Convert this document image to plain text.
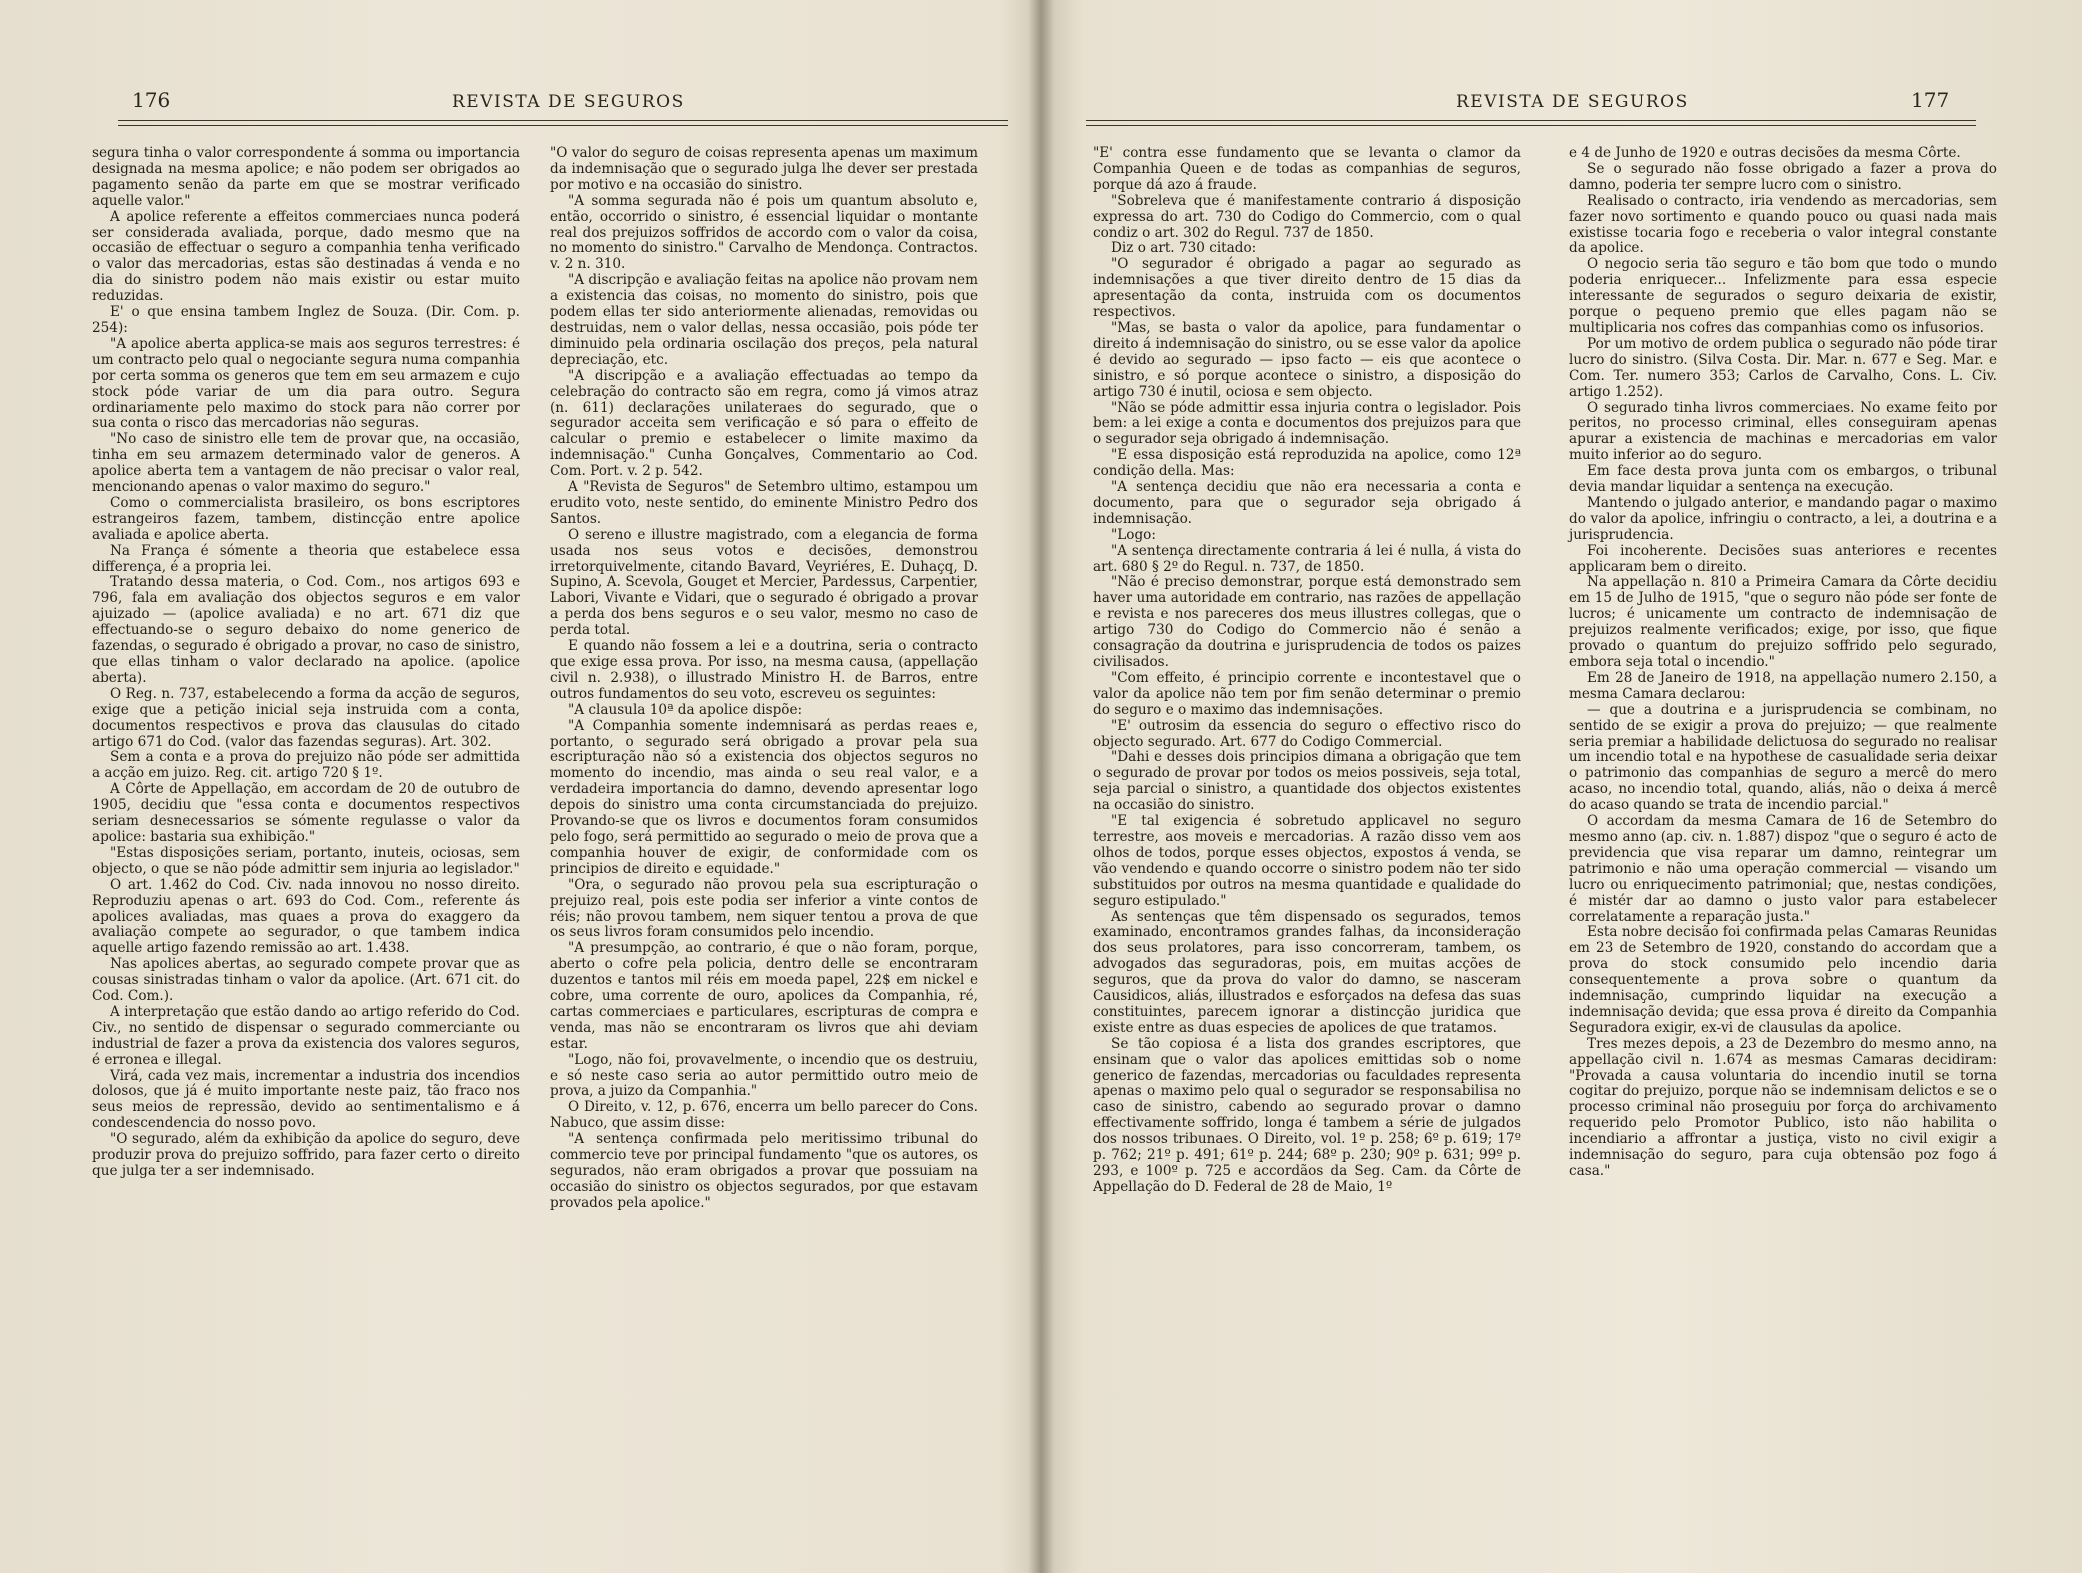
176	REVISTA DE SEGUROS

segura tinha o valor correspondente á somma ou importancia designada na mesma apolice; e não podem ser obrigados ao pagamento senão da parte em que se mostrar verificado aquelle valor."

A apolice referente a effeitos commerciaes nunca poderá ser considerada avaliada, porque, dado mesmo que na occasião de effectuar o seguro a companhia tenha verificado o valor das mercadorias, estas são destinadas á venda e no dia do sinistro podem não mais existir ou estar muito reduzidas.

E' o que ensina tambem Inglez de Souza. (Dir. Com. p. 254):

"A apolice aberta applica-se mais aos seguros terrestres: é um contracto pelo qual o negociante segura numa companhia por certa somma os generos que tem em seu armazem e cujo stock póde variar de um dia para outro. Segura ordinariamente pelo maximo do stock para não correr por sua conta o risco das mercadorias não seguras.

"No caso de sinistro elle tem de provar que, na occasião, tinha em seu armazem determinado valor de generos. A apolice aberta tem a vantagem de não precisar o valor real, mencionando apenas o valor maximo do seguro."

Como o commercialista brasileiro, os bons escriptores estrangeiros fazem, tambem, distincção entre apolice avaliada e apolice aberta.

Na França é sómente a theoria que estabelece essa differença, é a propria lei.

Tratando dessa materia, o Cod. Com., nos artigos 693 e 796, fala em avaliação dos objectos seguros e em valor ajuizado — (apolice avaliada) e no art. 671 diz que effectuando-se o seguro debaixo do nome generico de fazendas, o segurado é obrigado a provar, no caso de sinistro, que ellas tinham o valor declarado na apolice. (apolice aberta).

O Reg. n. 737, estabelecendo a forma da acção de seguros, exige que a petição inicial seja instruida com a conta, documentos respectivos e prova das clausulas do citado artigo 671 do Cod. (valor das fazendas seguras). Art. 302.

Sem a conta e a prova do prejuizo não póde ser admittida a acção em juizo. Reg. cit. artigo 720 § 1º.

A Côrte de Appellação, em accordam de 20 de outubro de 1905, decidiu que "essa conta e documentos respectivos seriam desnecessarios se sómente regulasse o valor da apolice: bastaria sua exhibição."

"Estas disposições seriam, portanto, inuteis, ociosas, sem objecto, o que se não póde admittir sem injuria ao legislador."

O art. 1.462 do Cod. Civ. nada innovou no nosso direito. Reproduziu apenas o art. 693 do Cod. Com., referente ás apolices avaliadas, mas quaes a prova do exaggero da avaliação compete ao segurador, o que tambem indica aquelle artigo fazendo remissão ao art. 1.438.

Nas apolices abertas, ao segurado compete provar que as cousas sinistradas tinham o valor da apolice. (Art. 671 cit. do Cod. Com.).

A interpretação que estão dando ao artigo referido do Cod. Civ., no sentido de dispensar o segurado commerciante ou industrial de fazer a prova da existencia dos valores seguros, é erronea e illegal.

Virá, cada vez mais, incrementar a industria dos incendios dolosos, que já é muito importante neste paiz, tão fraco nos seus meios de repressão, devido ao sentimentalismo e á condescendencia do nosso povo.

"O segurado, além da exhibição da apolice do seguro, deve produzir prova do prejuizo soffrido, para fazer certo o direito que julga ter a ser indemnisado.

"O valor do seguro de coisas representa apenas um maximum da indemnisação que o segurado julga lhe dever ser prestada por motivo e na occasião do sinistro.

"A somma segurada não é pois um quantum absoluto e, então, occorrido o sinistro, é essencial liquidar o montante real dos prejuizos soffridos de accordo com o valor da coisa, no momento do sinistro." Carvalho de Mendonça. Contractos. v. 2 n. 310.

"A discripção e avaliação feitas na apolice não provam nem a existencia das coisas, no momento do sinistro, pois que podem ellas ter sido anteriormente alienadas, removidas ou destruidas, nem o valor dellas, nessa occasião, pois póde ter diminuido pela ordinaria oscilação dos preços, pela natural depreciação, etc.

"A discripção e a avaliação effectuadas ao tempo da celebração do contracto são em regra, como já vimos atraz (n. 611) declarações unilateraes do segurado, que o segurador acceita sem verificação e só para o effeito de calcular o premio e estabelecer o limite maximo da indemnisação." Cunha Gonçalves, Commentario ao Cod. Com. Port. v. 2 p. 542.

A "Revista de Seguros" de Setembro ultimo, estampou um erudito voto, neste sentido, do eminente Ministro Pedro dos Santos.

O sereno e illustre magistrado, com a elegancia de forma usada nos seus votos e decisões, demonstrou irretorquivelmente, citando Bavard, Veyriéres, E. Duhaçq, D. Supino, A. Scevola, Gouget et Mercier, Pardessus, Carpentier, Labori, Vivante e Vidari, que o segurado é obrigado a provar a perda dos bens seguros e o seu valor, mesmo no caso de perda total.

E quando não fossem a lei e a doutrina, seria o contracto que exige essa prova. Por isso, na mesma causa, (appellação civil n. 2.938), o illustrado Ministro H. de Barros, entre outros fundamentos do seu voto, escreveu os seguintes:

"A clausula 10ª da apolice dispõe:

"A Companhia somente indemnisará as perdas reaes e, portanto, o segurado será obrigado a provar pela sua escripturação não só a existencia dos objectos seguros no momento do incendio, mas ainda o seu real valor, e a verdadeira importancia do damno, devendo apresentar logo depois do sinistro uma conta circumstanciada do prejuizo. Provando-se que os livros e documentos foram consumidos pelo fogo, será permittido ao segurado o meio de prova que a companhia houver de exigir, de conformidade com os principios de direito e equidade."

"Ora, o segurado não provou pela sua escripturação o prejuizo real, pois este podia ser inferior a vinte contos de réis; não provou tambem, nem siquer tentou a prova de que os seus livros foram consumidos pelo incendio.

"A presumpção, ao contrario, é que o não foram, porque, aberto o cofre pela policia, dentro delle se encontraram duzentos e tantos mil réis em moeda papel, 22$ em nickel e cobre, uma corrente de ouro, apolices da Companhia, ré, cartas commerciaes e particulares, escripturas de compra e venda, mas não se encontraram os livros que ahi deviam estar.

"Logo, não foi, provavelmente, o incendio que os destruiu, e só neste caso seria ao autor permittido outro meio de prova, a juizo da Companhia."

O Direito, v. 12, p. 676, encerra um bello parecer do Cons. Nabuco, que assim disse:

"A sentença confirmada pelo meritissimo tribunal do commercio teve por principal fundamento "que os autores, os segurados, não eram obrigados a provar que possuiam na occasião do sinistro os objectos segurados, por que estavam provados pela apolice."

177
REVISTA DE SEGUROS

"E' contra esse fundamento que se levanta o clamor da Companhia Queen e de todas as companhias de seguros, porque dá azo á fraude.

"Sobreleva que é manifestamente contrario á disposição expressa do art. 730 do Codigo do Commercio, com o qual condiz o art. 302 do Regul. 737 de 1850.

Diz o art. 730 citado:

"O segurador é obrigado a pagar ao segurado as indemnisações a que tiver direito dentro de 15 dias da apresentação da conta, instruida com os documentos respectivos.

"Mas, se basta o valor da apolice, para fundamentar o direito á indemnisação do sinistro, ou se esse valor da apolice é devido ao segurado — ipso facto — eis que acontece o sinistro, e só porque acontece o sinistro, a disposição do artigo 730 é inutil, ociosa e sem objecto.

"Não se póde admittir essa injuria contra o legislador. Pois bem: a lei exige a conta e documentos dos prejuizos para que o segurador seja obrigado á indemnisação.

"E essa disposição está reproduzida na apolice, como 12ª condição della. Mas:

"A sentença decidiu que não era necessaria a conta e documento, para que o segurador seja obrigado á indemnisação.

"Logo:

"A sentença directamente contraria á lei é nulla, á vista do art. 680 § 2º do Regul. n. 737, de 1850.

"Não é preciso demonstrar, porque está demonstrado sem haver uma autoridade em contrario, nas razões de appellação e revista e nos pareceres dos meus illustres collegas, que o artigo 730 do Codigo do Commercio não é senão a consagração da doutrina e jurisprudencia de todos os paizes civilisados.

"Com effeito, é principio corrente e incontestavel que o valor da apolice não tem por fim senão determinar o premio do seguro e o maximo das indemnisações.

"E' outrosim da essencia do seguro o effectivo risco do objecto segurado. Art. 677 do Codigo Commercial.

"Dahi e desses dois principios dimana a obrigação que tem o segurado de provar por todos os meios possiveis, seja total, seja parcial o sinistro, a quantidade dos objectos existentes na occasião do sinistro.

"E tal exigencia é sobretudo applicavel no seguro terrestre, aos moveis e mercadorias. A razão disso vem aos olhos de todos, porque esses objectos, expostos á venda, se vão vendendo e quando occorre o sinistro podem não ter sido substituidos por outros na mesma quantidade e qualidade do seguro estipulado."

As sentenças que têm dispensado os segurados, temos examinado, encontramos grandes falhas, da inconsideração dos seus prolatores, para isso concorreram, tambem, os advogados das seguradoras, pois, em muitas acções de seguros, que da prova do valor do damno, se nasceram Causidicos, aliás, illustrados e esforçados na defesa das suas constituintes, parecem ignorar a distincção juridica que existe entre as duas especies de apolices de que tratamos.

Se tão copiosa é a lista dos grandes escriptores, que ensinam que o valor das apolices emittidas sob o nome generico de fazendas, mercadorias ou faculdades representa apenas o maximo pelo qual o segurador se responsabilisa no caso de sinistro, cabendo ao segurado provar o damno effectivamente soffrido, longa é tambem a série de julgados dos nossos tribunaes. O Direito, vol. 1º p. 258; 6º p. 619; 17º p. 762; 21º p. 491; 61º p. 244; 68º p. 230; 90º p. 631; 99º p. 293, e 100º p. 725 e accordãos da Seg. Cam. da Côrte de Appellação do D. Federal de 28 de Maio, 1º

e 4 de Junho de 1920 e outras decisões da mesma Côrte.

Se o segurado não fosse obrigado a fazer a prova do damno, poderia ter sempre lucro com o sinistro.

Realisado o contracto, iria vendendo as mercadorias, sem fazer novo sortimento e quando pouco ou quasi nada mais existisse tocaria fogo e receberia o valor integral constante da apolice.

O negocio seria tão seguro e tão bom que todo o mundo poderia enriquecer... Infelizmente para essa especie interessante de segurados o seguro deixaria de existir, porque o pequeno premio que elles pagam não se multiplicaria nos cofres das companhias como os infusorios.

Por um motivo de ordem publica o segurado não póde tirar lucro do sinistro. (Silva Costa. Dir. Mar. n. 677 e Seg. Mar. e Com. Ter. numero 353; Carlos de Carvalho, Cons. L. Civ. artigo 1.252).

O segurado tinha livros commerciaes. No exame feito por peritos, no processo criminal, elles conseguiram apenas apurar a existencia de machinas e mercadorias em valor muito inferior ao do seguro.

Em face desta prova junta com os embargos, o tribunal devia mandar liquidar a sentença na execução.

Mantendo o julgado anterior, e mandando pagar o maximo do valor da apolice, infringiu o contracto, a lei, a doutrina e a jurisprudencia.

Foi incoherente. Decisões suas anteriores e recentes applicaram bem o direito.

Na appellação n. 810 a Primeira Camara da Côrte decidiu em 15 de Julho de 1915, "que o seguro não póde ser fonte de lucros; é unicamente um contracto de indemnisação de prejuizos realmente verificados; exige, por isso, que fique provado o quantum do prejuizo soffrido pelo segurado, embora seja total o incendio."

Em 28 de Janeiro de 1918, na appellação numero 2.150, a mesma Camara declarou:

— que a doutrina e a jurisprudencia se combinam, no sentido de se exigir a prova do prejuizo; — que realmente seria premiar a habilidade delictuosa do segurado no realisar um incendio total e na hypothese de casualidade seria deixar o patrimonio das companhias de seguro a mercê do mero acaso, no incendio total, quando, aliás, não o deixa á mercê do acaso quando se trata de incendio parcial."

O accordam da mesma Camara de 16 de Setembro do mesmo anno (ap. civ. n. 1.887) dispoz "que o seguro é acto de previdencia que visa reparar um damno, reintegrar um patrimonio e não uma operação commercial — visando um lucro ou enriquecimento patrimonial; que, nestas condições, é mistér dar ao damno o justo valor para estabelecer correlatamente a reparação justa."

Esta nobre decisão foi confirmada pelas Camaras Reunidas em 23 de Setembro de 1920, constando do accordam que a prova do stock consumido pelo incendio daria consequentemente a prova sobre o quantum da indemnisação, cumprindo liquidar na execução a indemnisação devida; que essa prova é direito da Companhia Seguradora exigir, ex-vi de clausulas da apolice.

Tres mezes depois, a 23 de Dezembro do mesmo anno, na appellação civil n. 1.674 as mesmas Camaras decidiram: "Provada a causa voluntaria do incendio inutil se torna cogitar do prejuizo, porque não se indemnisam delictos e se o processo criminal não proseguiu por força do archivamento requerido pelo Promotor Publico, isto não habilita o incendiario a affrontar a justiça, visto no civil exigir a indemnisação do seguro, para cuja obtensão poz fogo á casa."
